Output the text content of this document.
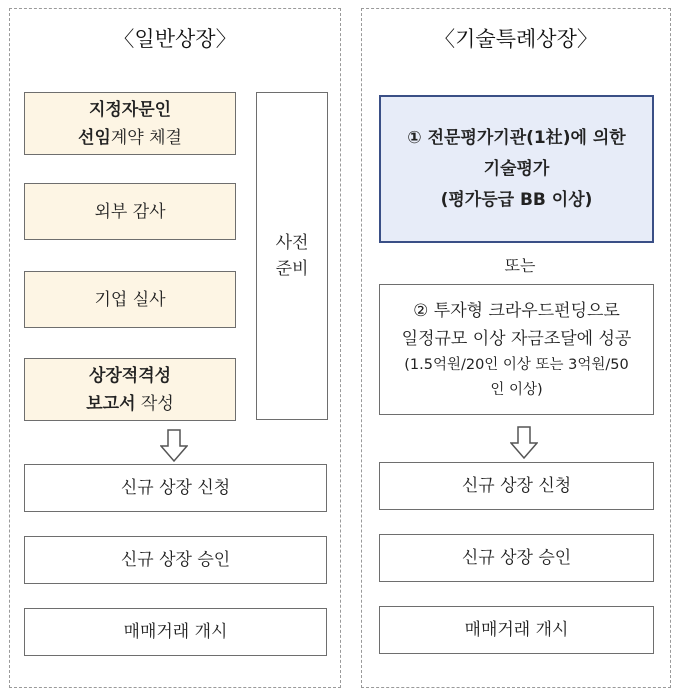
〈일반상장〉
지정자문인
선임계약 체결
외부 감사
기업 실사
상장적격성
보고서 작성
사전
준비
신규 상장 신청
신규 상장 승인
매매거래 개시
〈기술특례상장〉
① 전문평가기관(1社)에 의한
기술평가
(평가등급 BB 이상)
또는
② 투자형 크라우드펀딩으로
일정규모 이상 자금조달에 성공
(1.5억원/20인 이상 또는 3억원/50
인 이상)
신규 상장 신청
신규 상장 승인
매매거래 개시
